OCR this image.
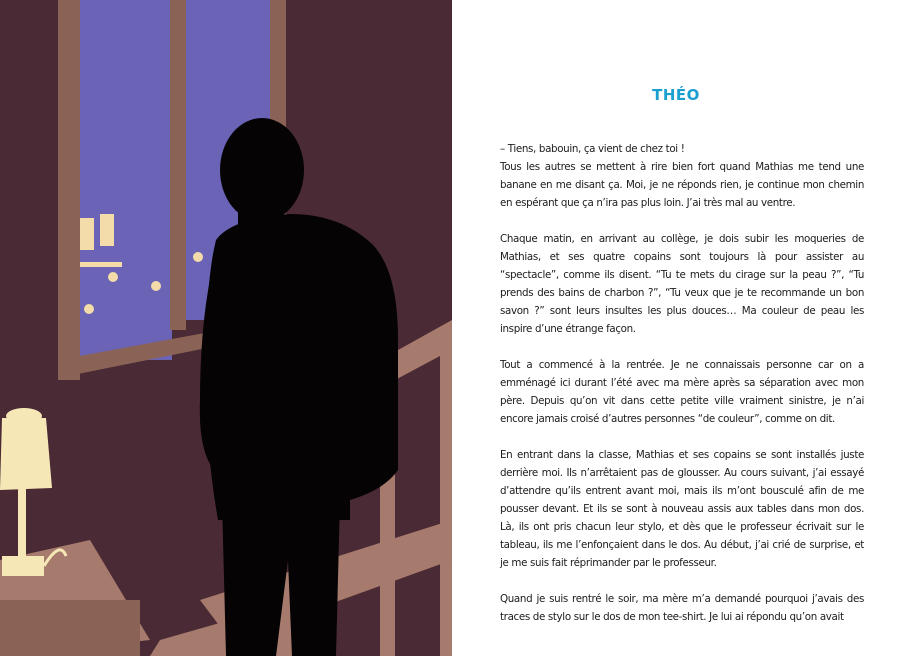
THÉO

– Tiens, babouin, ça vient de chez toi !

Tous les autres se mettent à rire bien fort quand Mathias me tend une banane en me disant ça. Moi, je ne réponds rien, je continue mon chemin en espérant que ça n’ira pas plus loin. J’ai très mal au ventre.

Chaque matin, en arrivant au collège, je dois subir les moqueries de Mathias, et ses quatre copains sont toujours là pour assister au “spectacle”, comme ils disent. “Tu te mets du cirage sur la peau ?”, “Tu prends des bains de charbon ?”, “Tu veux que je te recommande un bon savon ?” sont leurs insultes les plus douces… Ma couleur de peau les inspire d’une étrange façon.

Tout a commencé à la rentrée. Je ne connaissais personne car on a emménagé ici durant l’été avec ma mère après sa séparation avec mon père. Depuis qu’on vit dans cette petite ville vraiment sinistre, je n’ai encore jamais croisé d’autres personnes “de couleur”, comme on dit.

En entrant dans la classe, Mathias et ses copains se sont installés juste derrière moi. Ils n’arrêtaient pas de glousser. Au cours suivant, j’ai essayé d’attendre qu’ils entrent avant moi, mais ils m’ont bousculé afin de me pousser devant. Et ils se sont à nouveau assis aux tables dans mon dos. Là, ils ont pris chacun leur stylo, et dès que le professeur écrivait sur le tableau, ils me l’enfonçaient dans le dos. Au début, j’ai crié de surprise, et je me suis fait réprimander par le professeur.

Quand je suis rentré le soir, ma mère m’a demandé pourquoi j’avais des traces de stylo sur le dos de mon tee-shirt. Je lui ai répondu qu’on avait
